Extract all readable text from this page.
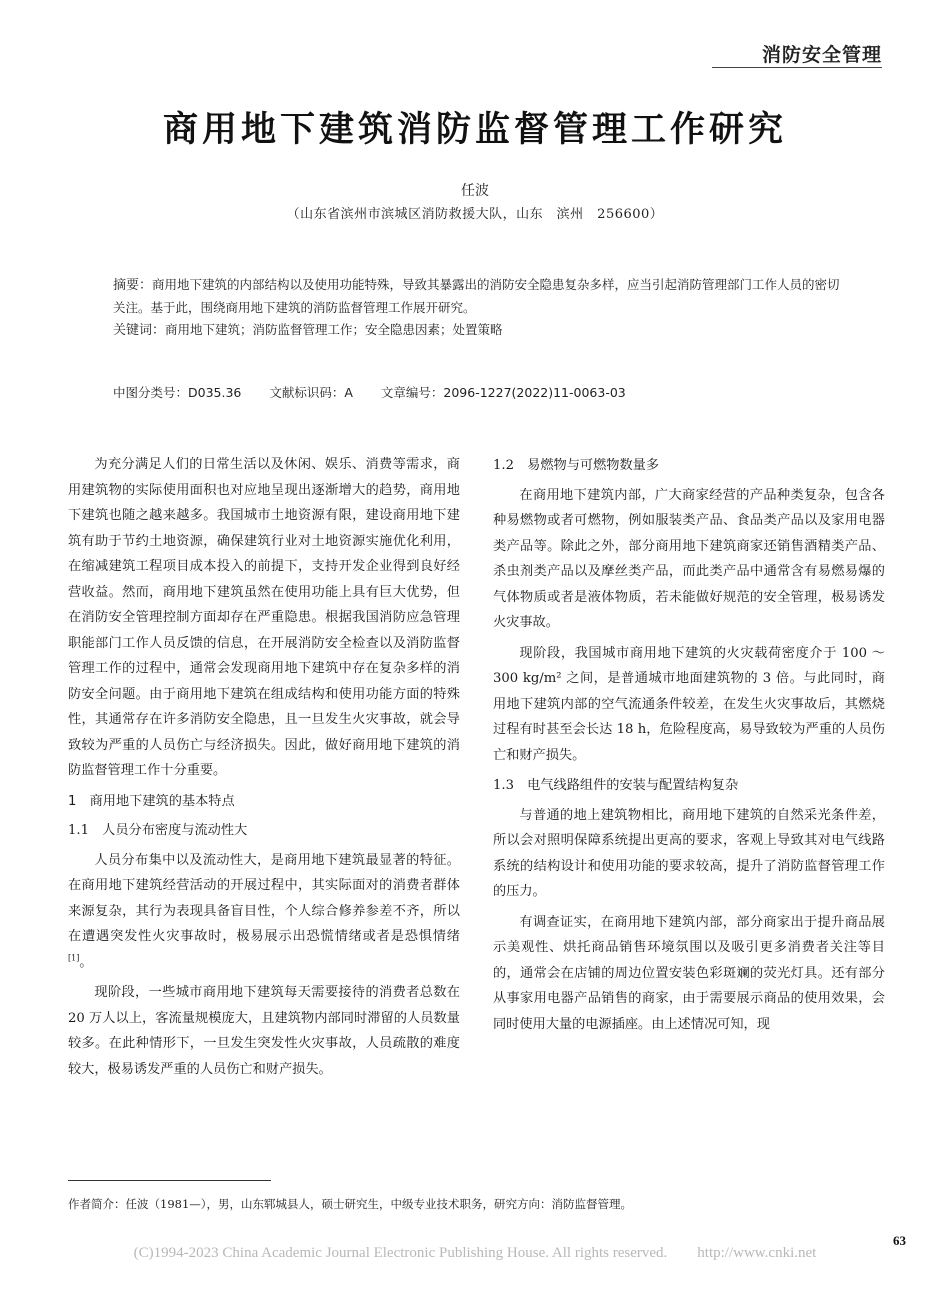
消防安全管理
商用地下建筑消防监督管理工作研究
任波
（山东省滨州市滨城区消防救援大队，山东　滨州　256600）

摘要：商用地下建筑的内部结构以及使用功能特殊，导致其暴露出的消防安全隐患复杂多样，应当引起消防管理部门工作人员的密切关注。基于此，围绕商用地下建筑的消防监督管理工作展开研究。

关键词：商用地下建筑；消防监督管理工作；安全隐患因素；处置策略

中图分类号：D035.36 文献标识码：A 文章编号：2096-1227(2022)11-0063-03

为充分满足人们的日常生活以及休闲、娱乐、消费等需求，商用建筑物的实际使用面积也对应地呈现出逐渐增大的趋势，商用地下建筑也随之越来越多。我国城市土地资源有限，建设商用地下建筑有助于节约土地资源，确保建筑行业对土地资源实施优化利用，在缩减建筑工程项目成本投入的前提下，支持开发企业得到良好经营收益。然而，商用地下建筑虽然在使用功能上具有巨大优势，但在消防安全管理控制方面却存在严重隐患。根据我国消防应急管理职能部门工作人员反馈的信息，在开展消防安全检查以及消防监督管理工作的过程中，通常会发现商用地下建筑中存在复杂多样的消防安全问题。由于商用地下建筑在组成结构和使用功能方面的特殊性，其通常存在许多消防安全隐患，且一旦发生火灾事故，就会导致较为严重的人员伤亡与经济损失。因此，做好商用地下建筑的消防监督管理工作十分重要。

1　商用地下建筑的基本特点
1.1　人员分布密度与流动性大

人员分布集中以及流动性大，是商用地下建筑最显著的特征。在商用地下建筑经营活动的开展过程中，其实际面对的消费者群体来源复杂，其行为表现具备盲目性，个人综合修养参差不齐，所以在遭遇突发性火灾事故时，极易展示出恐慌情绪或者是恐惧情绪[1]。

现阶段，一些城市商用地下建筑每天需要接待的消费者总数在 20 万人以上，客流量规模庞大，且建筑物内部同时滞留的人员数量较多。在此种情形下，一旦发生突发性火灾事故，人员疏散的难度较大，极易诱发严重的人员伤亡和财产损失。

1.2　易燃物与可燃物数量多

在商用地下建筑内部，广大商家经营的产品种类复杂，包含各种易燃物或者可燃物，例如服装类产品、食品类产品以及家用电器类产品等。除此之外，部分商用地下建筑商家还销售酒精类产品、杀虫剂类产品以及摩丝类产品，而此类产品中通常含有易燃易爆的气体物质或者是液体物质，若未能做好规范的安全管理，极易诱发火灾事故。

现阶段，我国城市商用地下建筑的火灾载荷密度介于 100 ～ 300 kg/m² 之间，是普通城市地面建筑物的 3 倍。与此同时，商用地下建筑内部的空气流通条件较差，在发生火灾事故后，其燃烧过程有时甚至会长达 18 h，危险程度高，易导致较为严重的人员伤亡和财产损失。

1.3　电气线路组件的安装与配置结构复杂

与普通的地上建筑物相比，商用地下建筑的自然采光条件差，所以会对照明保障系统提出更高的要求，客观上导致其对电气线路系统的结构设计和使用功能的要求较高，提升了消防监督管理工作的压力。

有调查证实，在商用地下建筑内部，部分商家出于提升商品展示美观性、烘托商品销售环境氛围以及吸引更多消费者关注等目的，通常会在店铺的周边位置安装色彩斑斓的荧光灯具。还有部分从事家用电器产品销售的商家，由于需要展示商品的使用效果，会同时使用大量的电源插座。由上述情况可知，现

作者简介：任波（1981—），男，山东郓城县人，硕士研究生，中级专业技术职务，研究方向：消防监督管理。
(C)1994-2023 China Academic Journal Electronic Publishing House. All rights reserved.　　http://www.cnki.net
63
